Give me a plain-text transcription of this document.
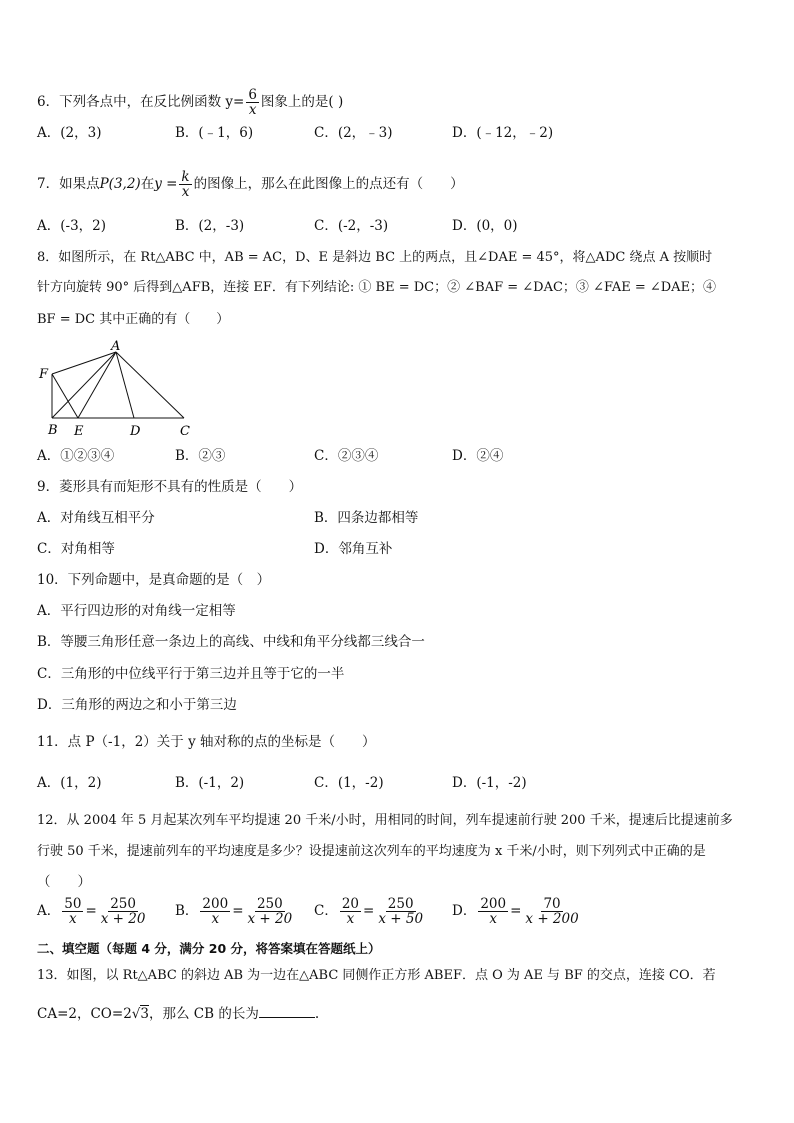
6．下列各点中，在反比例函数 $y= \frac{6}{x}$ 图象上的是( )
A．(2，3)	B．(﹣1，6)	C．(2，﹣3)	D．(﹣12，﹣2)
7．如果点P(3,2)在$y = \frac{k}{x}$ 的图像上，那么在此图像上的点还有（　　）
A．(-3，2)	B．(2，-3)	C．(-2，-3)	D．(0，0)
8．如图所示，在 Rt△ABC 中，AB = AC，D、E 是斜边 BC 上的两点，且∠DAE = 45°，将△ADC 绕点 A 按顺时
针方向旋转 90° 后得到△AFB，连接 EF．有下列结论: ① BE = DC；② ∠BAF = ∠DAC；③ ∠FAE = ∠DAE；④
BF = DC 其中正确的有（　　）
A
F
B E	D	C
A．①②③④	B．②③	C．②③④	D．②④
9．菱形具有而矩形不具有的性质是（　　）
A．对角线互相平分	B．四条边都相等
C．对角相等	D．邻角互补
10．下列命题中，是真命题的是（　）
A．平行四边形的对角线一定相等
B．等腰三角形任意一条边上的高线、中线和角平分线都三线合一
C．三角形的中位线平行于第三边并且等于它的一半
D．三角形的两边之和小于第三边
11．点 P（-1，2）关于 y 轴对称的点的坐标是（　　）
A．(1，2)	B．(-1，2)	C．(1，-2)	D．(-1，-2)
12．从 2004 年 5 月起某次列车平均提速 20 千米/小时，用相同的时间，列车提速前行驶 200 千米，提速后比提速前多
行驶 50 千米，提速前列车的平均速度是多少？设提速前这次列车的平均速度为 x 千米/小时，则下列列式中正确的是
（　　）
A． $\frac{50}{x} = \frac{250}{x + 20}$ B． $\frac{200}{x} = \frac{250}{x + 20}$ C． $\frac{20}{x} = \frac{250}{x + 50}$ D． $\frac{200}{x} = \frac{70}{x + 200}$
二、填空题（每题 4 分，满分 20 分，将答案填在答题纸上）
13．如图，以 Rt△ABC 的斜边 AB 为一边在△ABC 同侧作正方形 ABEF．点 O 为 AE 与 BF 的交点，连接 CO．若
CA=2，CO=2√3，那么 CB 的长为	.
